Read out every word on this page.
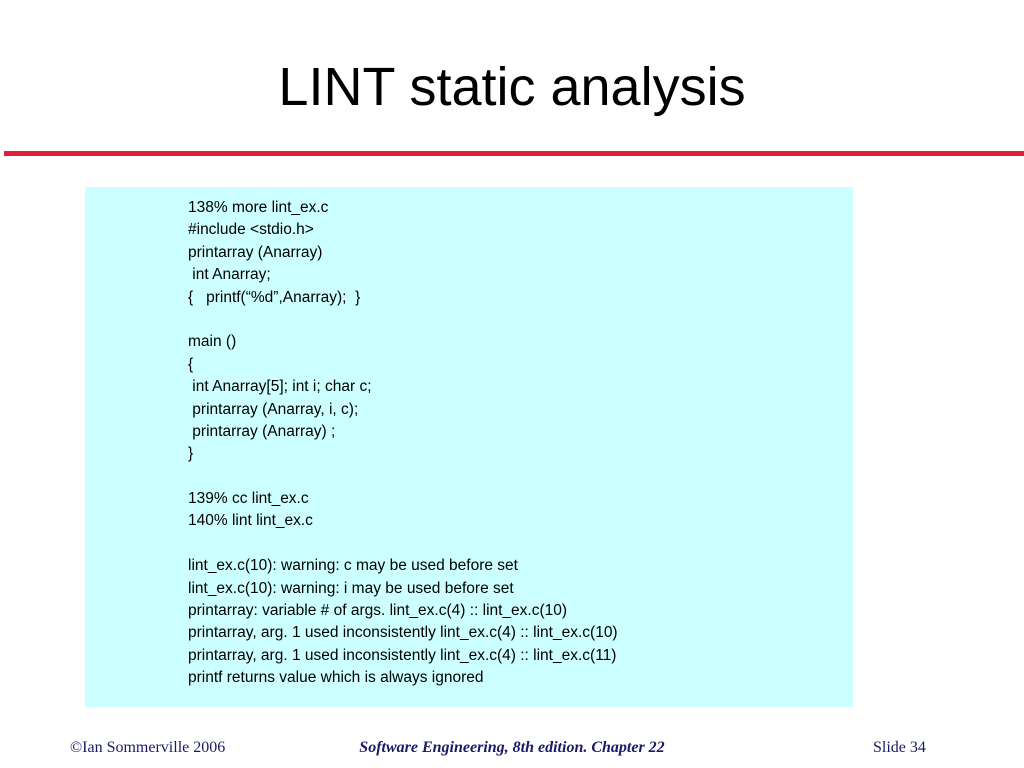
LINT static analysis
138% more lint_ex.c
#include <stdio.h>
printarray (Anarray)
int Anarray;
{   printf(“%d”,Anarray);  }
main ()
{
int Anarray[5]; int i; char c;
printarray (Anarray, i, c);
printarray (Anarray) ;
}
139% cc lint_ex.c
140% lint lint_ex.c
lint_ex.c(10): warning: c may be used before set
lint_ex.c(10): warning: i may be used before set
printarray: variable # of args. lint_ex.c(4) :: lint_ex.c(10)
printarray, arg. 1 used inconsistently lint_ex.c(4) :: lint_ex.c(10)
printarray, arg. 1 used inconsistently lint_ex.c(4) :: lint_ex.c(11)
printf returns value which is always ignored
©Ian Sommerville 2006	Software Engineering, 8th edition. Chapter 22	Slide 34
